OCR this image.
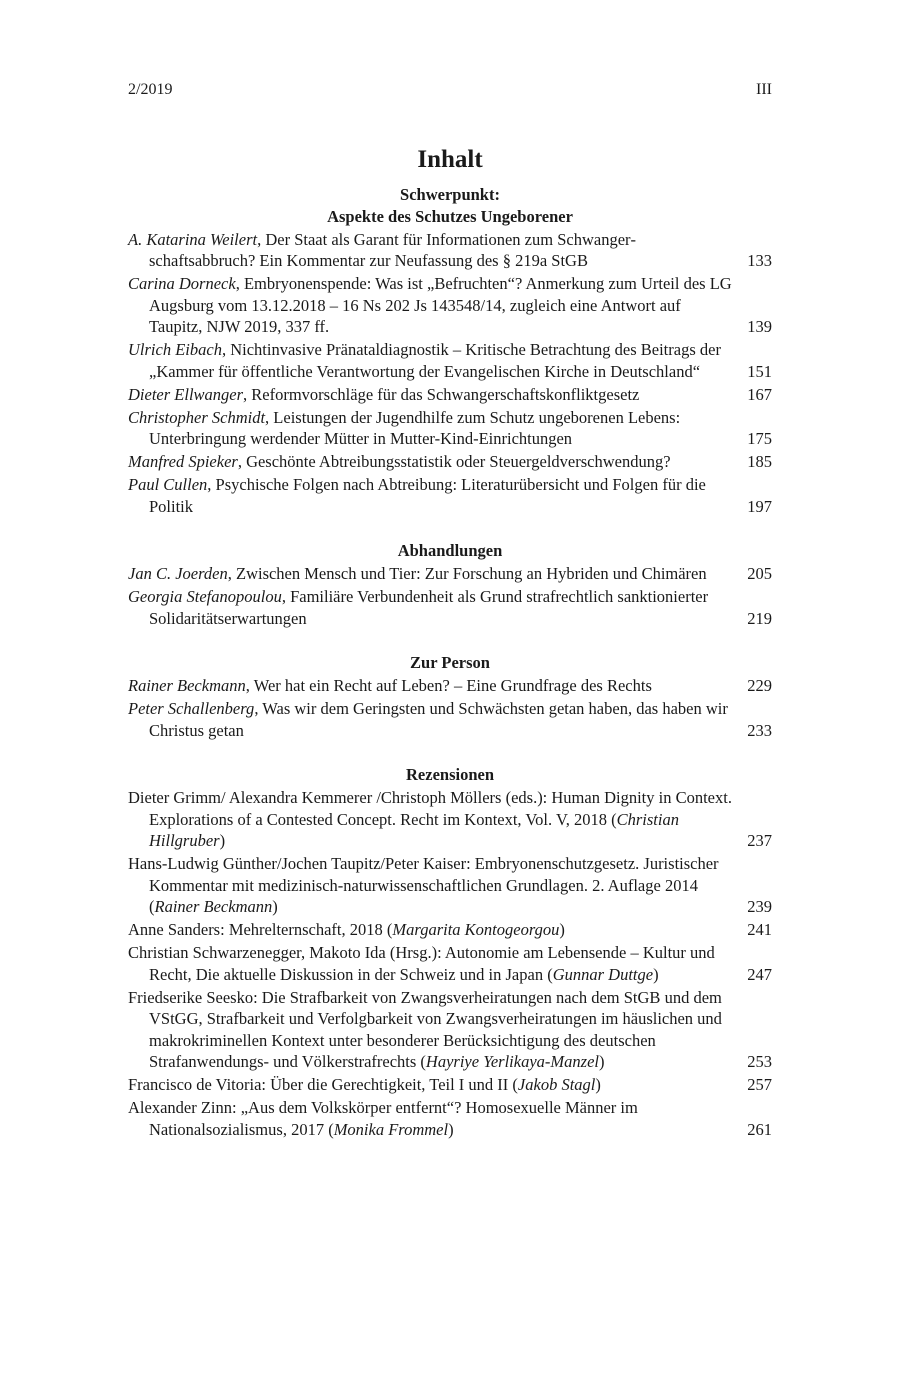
2/2019	III
Inhalt
Schwerpunkt:
Aspekte des Schutzes Ungeborener
A. Katarina Weilert, Der Staat als Garant für Informationen zum Schwangerschaftsabbruch? Ein Kommentar zur Neufassung des § 219a StGB	133
Carina Dorneck, Embryonenspende: Was ist „Befruchten“? Anmerkung zum Urteil des LG Augsburg vom 13.12.2018 – 16 Ns 202 Js 143548/14, zugleich eine Antwort auf Taupitz, NJW 2019, 337 ff.	139
Ulrich Eibach, Nichtinvasive Pränataldiagnostik – Kritische Betrachtung des Beitrags der „Kammer für öffentliche Verantwortung der Evangelischen Kirche in Deutschland“	151
Dieter Ellwanger, Reformvorschläge für das Schwangerschaftskonfliktgesetz	167
Christopher Schmidt, Leistungen der Jugendhilfe zum Schutz ungeborenen Lebens: Unterbringung werdender Mütter in Mutter-Kind-Einrichtungen	175
Manfred Spieker, Geschönte Abtreibungsstatistik oder Steuergeldverschwendung?	185
Paul Cullen, Psychische Folgen nach Abtreibung: Literaturübersicht und Folgen für die Politik	197
Abhandlungen
Jan C. Joerden, Zwischen Mensch und Tier: Zur Forschung an Hybriden und Chimären	205
Georgia Stefanopoulou, Familiäre Verbundenheit als Grund strafrechtlich sanktionierter Solidaritätserwartungen	219
Zur Person
Rainer Beckmann, Wer hat ein Recht auf Leben? – Eine Grundfrage des Rechts	229
Peter Schallenberg, Was wir dem Geringsten und Schwächsten getan haben, das haben wir Christus getan	233
Rezensionen
Dieter Grimm/ Alexandra Kemmerer /Christoph Möllers (eds.): Human Dignity in Context. Explorations of a Contested Concept. Recht im Kontext, Vol. V, 2018 (Christian Hillgruber)	237
Hans-Ludwig Günther/Jochen Taupitz/Peter Kaiser: Embryonenschutzgesetz. Juristischer Kommentar mit medizinisch-naturwissenschaftlichen Grundlagen. 2. Auflage 2014 (Rainer Beckmann)	239
Anne Sanders: Mehrelternschaft, 2018 (Margarita Kontogeorgou)	241
Christian Schwarzenegger, Makoto Ida (Hrsg.): Autonomie am Lebensende – Kultur und Recht, Die aktuelle Diskussion in der Schweiz und in Japan (Gunnar Duttge)	247
Friedserike Seesko: Die Strafbarkeit von Zwangsverheiratungen nach dem StGB und dem VStGG, Strafbarkeit und Verfolgbarkeit von Zwangsverheiratungen im häuslichen und makrokriminellen Kontext unter besonderer Berücksichtigung des deutschen Strafanwendungs- und Völkerstrafrechts (Hayriye Yerlikaya-Manzel)	253
Francisco de Vitoria: Über die Gerechtigkeit, Teil I und II (Jakob Stagl)	257
Alexander Zinn: „Aus dem Volkskörper entfernt“? Homosexuelle Männer im Nationalsozialismus, 2017 (Monika Frommel)	261
